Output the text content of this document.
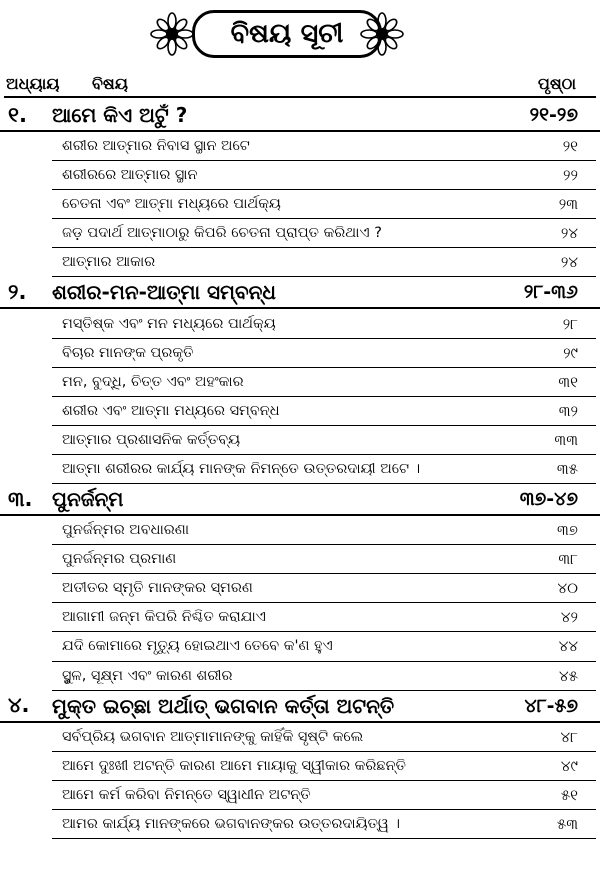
ବିଷୟ ସୂଚୀ
ଅଧ୍ୟାୟ ବିଷୟ	ପୃଷ୍ଠା
୧. ଆମେ କିଏ ଅଟୁଁ ?	୨୧-୨୭
ଶରୀର ଆତ୍ମାର ନିବାସ ସ୍ଥାନ ଅଟେ	୨୧
ଶରୀରରେ ଆତ୍ମାର ସ୍ଥାନ	୨୨
ଚେତନା ଏବଂ ଆତ୍ମା ମଧ୍ୟରେ ପାର୍ଥକ୍ୟ	୨୩
ଜଡ଼ ପଦାର୍ଥ ଆତ୍ମାଠାରୁ କିପରି ଚେତନା ପ୍ରାପ୍ତ କରିଥାଏ ?	୨୪
ଆତ୍ମାର ଆକାର	୨୪
୨. ଶରୀର-ମନ-ଆତ୍ମା ସମ୍ବନ୍ଧ	୨୮-୩୬
ମସ୍ତିଷ୍କ ଏବଂ ମନ ମଧ୍ୟରେ ପାର୍ଥକ୍ୟ	୨୮
ବିଚାର ମାନଙ୍କ ପ୍ରକୃତି	୨୯
ମନ, ବୁଦ୍ଧି, ଚିତ୍ତ ଏବଂ ଅହଂକାର	୩୧
ଶରୀର ଏବଂ ଆତ୍ମା ମଧ୍ୟରେ ସମ୍ବନ୍ଧ	୩୨
ଆତ୍ମାର ପ୍ରଶାସନିକ କର୍ତ୍ତବ୍ୟ	୩୩
ଆତ୍ମା ଶରୀରର କାର୍ଯ୍ୟ ମାନଙ୍କ ନିମନ୍ତେ ଉତ୍ତରଦାୟୀ ଅଟେ ।	୩୫
୩. ପୁନର୍ଜନ୍ମ	୩୭-୪୭
ପୁନର୍ଜନ୍ମର ଅବଧାରଣା	୩୭
ପୁନର୍ଜନ୍ମର ପ୍ରମାଣ	୩୮
ଅତୀତର ସ୍ମୃତି ମାନଙ୍କର ସ୍ମରଣ	୪୦
ଆଗାମୀ ଜନ୍ମ କିପରି ନିଶ୍ଚିତ କରାଯାଏ	୪୨
ଯଦି କୋମାରେ ମୃତ୍ୟୁ ହୋଇଥାଏ ତେବେ କ'ଣ ହୁଏ	୪୪
ସ୍ଥୁଳ, ସୂକ୍ଷ୍ମ ଏବଂ କାରଣ ଶରୀର	୪୫
୪. ମୁକ୍ତ ଇଚ୍ଛା ଅର୍ଥାତ୍ ଭଗବାନ କର୍ତ୍ତା ଅଟନ୍ତି	୪୮-୫୭
ସର୍ବପ୍ରିୟ ଭଗବାନ ଆତ୍ମାମାନଙ୍କୁ କାହିଁକି ସୃଷ୍ଟି କଲେ	୪୮
ଆମେ ଦୁଃଖୀ ଅଟନ୍ତି କାରଣ ଆମେ ମାୟାକୁ ସ୍ୱୀକାର କରିଛନ୍ତି	୪୯
ଆମେ କର୍ମ କରିବା ନିମନ୍ତେ ସ୍ୱାଧୀନ ଅଟନ୍ତି	୫୧
ଆମର କାର୍ଯ୍ୟ ମାନଙ୍କରେ ଭଗବାନଙ୍କର ଉତ୍ତରଦାୟିତ୍ୱ ।	୫୩
